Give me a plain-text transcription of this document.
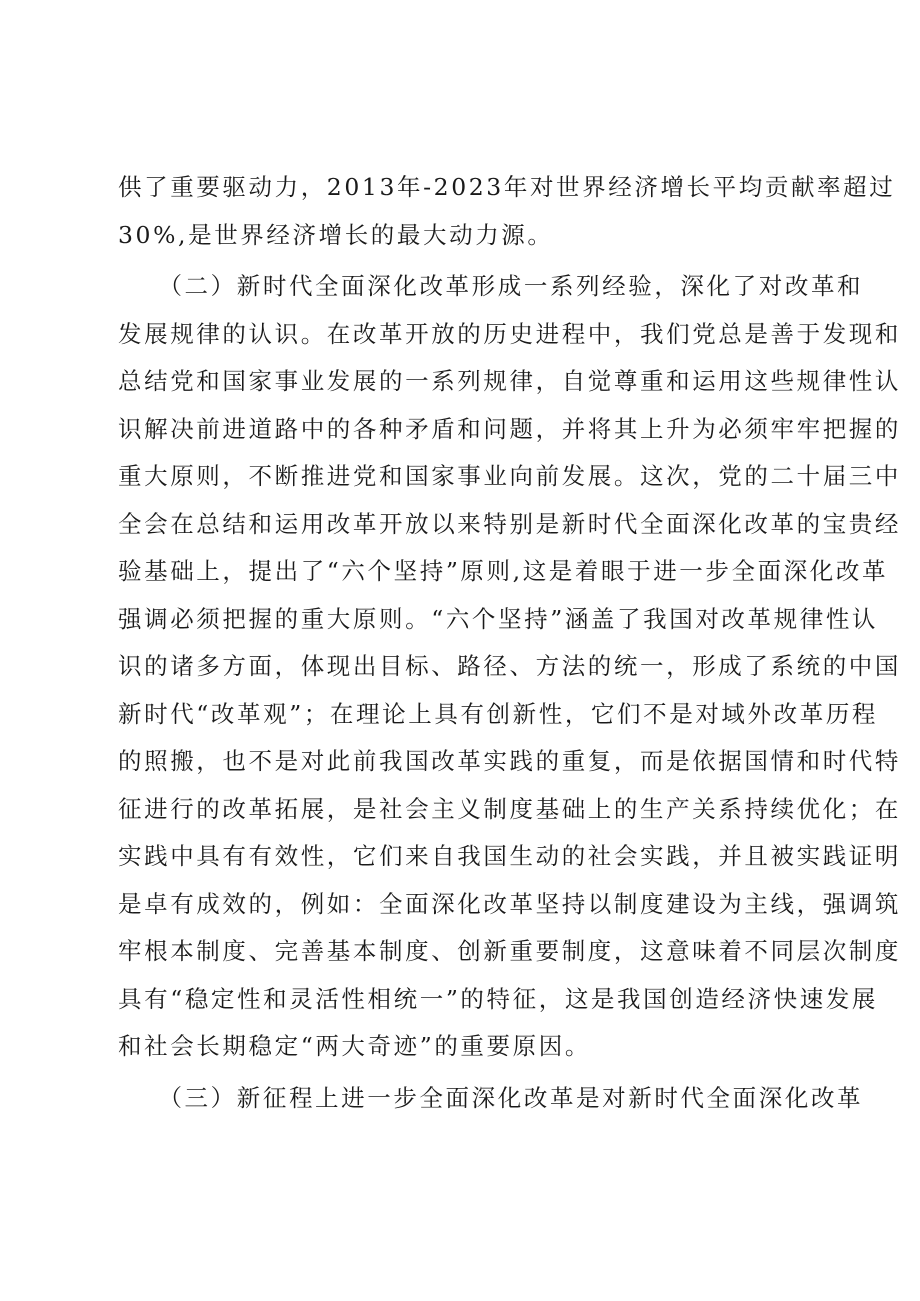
供了重要驱动力，2013年-2023年对世界经济增长平均贡献率超过
30%,是世界经济增长的最大动力源。
　　（二）新时代全面深化改革形成一系列经验，深化了对改革和
发展规律的认识。在改革开放的历史进程中，我们党总是善于发现和
总结党和国家事业发展的一系列规律，自觉尊重和运用这些规律性认
识解决前进道路中的各种矛盾和问题，并将其上升为必须牢牢把握的
重大原则，不断推进党和国家事业向前发展。这次，党的二十届三中
全会在总结和运用改革开放以来特别是新时代全面深化改革的宝贵经
验基础上，提出了“六个坚持”原则,这是着眼于进一步全面深化改革
强调必须把握的重大原则。“六个坚持”涵盖了我国对改革规律性认
识的诸多方面，体现出目标、路径、方法的统一，形成了系统的中国
新时代“改革观”；在理论上具有创新性，它们不是对域外改革历程
的照搬，也不是对此前我国改革实践的重复，而是依据国情和时代特
征进行的改革拓展，是社会主义制度基础上的生产关系持续优化；在
实践中具有有效性，它们来自我国生动的社会实践，并且被实践证明
是卓有成效的，例如：全面深化改革坚持以制度建设为主线，强调筑
牢根本制度、完善基本制度、创新重要制度，这意味着不同层次制度
具有“稳定性和灵活性相统一”的特征，这是我国创造经济快速发展
和社会长期稳定“两大奇迹”的重要原因。
　　（三）新征程上进一步全面深化改革是对新时代全面深化改革
